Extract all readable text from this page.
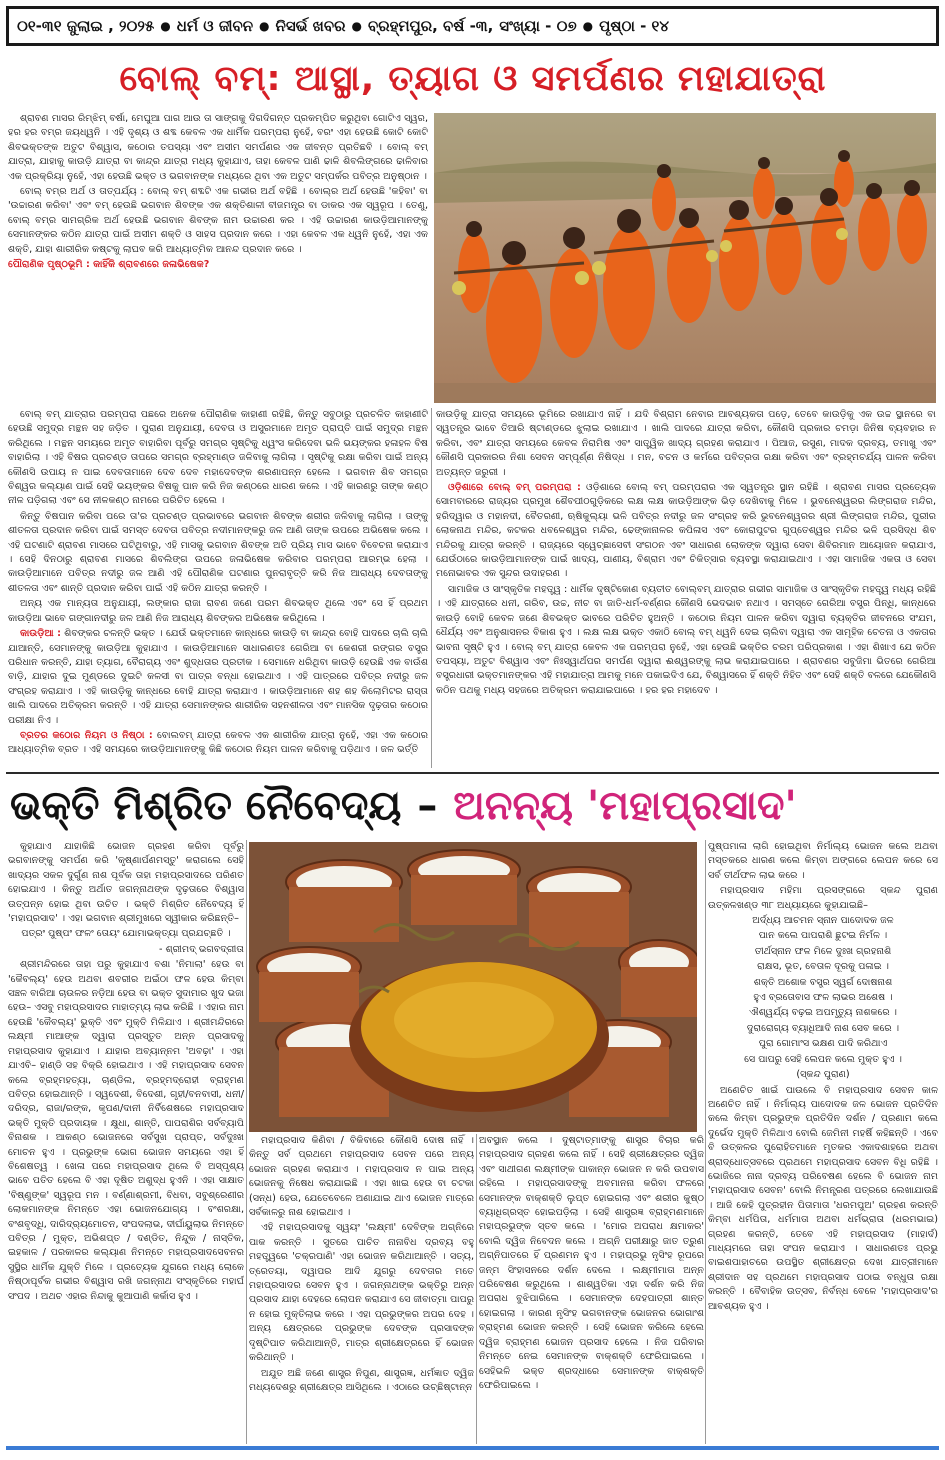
୦୧-୩୧ ଜୁଲାଇ , ୨୦୨୫ ● ଧର୍ମ ଓ ଜୀବନ ● ନିସର୍ଭ ଖବର ● ବ୍ରହ୍ମପୁର, ବର୍ଷ -୩, ସଂଖ୍ୟା - ୦୭ ● ପୃଷ୍ଠା - ୧୪
ବୋଲ୍ ବମ୍: ଆସ୍ଥା, ତ୍ୟାଗ ଓ ସମର୍ପଣର ମହାଯାତ୍ରା

ଶ୍ରାବଣ ମାସର ରିମ୍‌ଝିମ୍ ବର୍ଷା, ମେଘୁଆ ପାଗ ଆଉ ତା ସାଙ୍ଗକୁ ଦିଗଦିଗନ୍ତ ପ୍ରକମ୍ପିତ କରୁଥିବା ଗୋଟିଏ ସ୍ୱର, ହର ହର ବମ୍‌ର ଜୟଧ୍ୱନି । ଏହି ଦୃଶ୍ୟ ଓ ଶବ୍ଦ କେବଳ ଏକ ଧାର୍ମିକ ପରମ୍ପରା ନୁହେଁ, ବରଂ ଏହା ହେଉଛି କୋଟି କୋଟି ଶିବଭକ୍ତଙ୍କ ଅତୁଟ ବିଶ୍ୱାସ, କଠୋର ତପସ୍ୟା ଏବଂ ଅସୀମ ସମର୍ପଣର ଏକ ଜୀବନ୍ତ ପ୍ରତିଛବି । ବୋଲ୍ ବମ୍ ଯାତ୍ରା, ଯାହାକୁ କାଉଡ଼ି ଯାତ୍ରା ବା କାନ୍ଦ୍ର ଯାତ୍ରା ମଧ୍ୟ କୁହାଯାଏ, ତାହା କେବଳ ପାଣି ଢାଳି ଶିବଲିଙ୍ଗରେ ଢାଳିବାର ଏକ ପ୍ରକ୍ରିୟା ନୁହେଁ, ଏହା ହେଉଛି ଭକ୍ତ ଓ ଭଗବାନଙ୍କ ମଧ୍ୟରେ ଥିବା ଏକ ଅତୁଟ ସମ୍ପର୍କର ପବିତ୍ର ଅନୁଷ୍ଠାନ ।

ବୋଲ୍ ବମ୍‌ର ଅର୍ଥ ଓ ତାତ୍ପର୍ଯ୍ୟ : ବୋଲ୍ ବମ୍ ଶବ୍ଦଟି ଏକ ଗଭୀର ଅର୍ଥ ବହିଛି । ବୋଲ୍‌ର ଅର୍ଥ ହେଉଛି 'କହିବା' ବା 'ଉଚ୍ଚାରଣ କରିବା' ଏବଂ ବମ୍ ହେଉଛି ଭଗବାନ ଶିବଙ୍କ ଏକ ଶକ୍ତିଶାଳୀ ବୀଜମନ୍ତ୍ର ବା ଡାକର ଏକ ସ୍ୱରୂପ । ତେଣୁ, ବୋଲ୍ ବମ୍‌ର ସାମଗ୍ରିକ ଅର୍ଥ ହେଉଛି ଭଗବାନ ଶିବଙ୍କ ନାମ ଉଚ୍ଚାରଣ କର । ଏହି ଉଚ୍ଚାରଣ କାଉଡ଼ିଆମାନଙ୍କୁ ସେମାନଙ୍କର କଠିନ ଯାତ୍ରା ପାଇଁ ଅସୀମ ଶକ୍ତି ଓ ସାହସ ପ୍ରଦାନ କରେ । ଏହା କେବଳ ଏକ ଧ୍ୱନି ନୁହେଁ, ଏହା ଏକ ଶକ୍ତି, ଯାହା ଶାରୀରିକ କଷ୍ଟକୁ ଲାଘବ କରି ଆଧ୍ୟାତ୍ମିକ ଆନନ୍ଦ ପ୍ରଦାନ କରେ ।

ପୌରାଣିକ ପୃଷ୍ଠଭୂମି : କାହିଁକି ଶ୍ରାବଣରେ ଜଳାଭିଷେକ?

ବୋଲ୍ ବମ୍ ଯାତ୍ରାର ପରମ୍ପରା ପଛରେ ଅନେକ ପୌରାଣିକ କାହାଣୀ ରହିଛି, କିନ୍ତୁ ସବୁଠାରୁ ପ୍ରଚଳିତ କାହାଣୀଟି ହେଉଛି ସମୁଦ୍ର ମନ୍ଥନ ସହ ଜଡ଼ିତ । ପୁରାଣ ଅନୁଯାୟୀ, ଦେବତା ଓ ଅସୁରମାନେ ଅମୃତ ପ୍ରାପ୍ତି ପାଇଁ ସମୁଦ୍ର ମନ୍ଥନ କରିଥିଲେ । ମନ୍ଥନ ସମୟରେ ଅମୃତ ବାହାରିବା ପୂର୍ବରୁ ସମଗ୍ର ସୃଷ୍ଟିକୁ ଧ୍ୱଂସ କରିଦେବା ଭଳି ଭୟଙ୍କର ହଳାହଳ ବିଷ ବାହାରିଲା । ଏହି ବିଷର ପ୍ରଚଣ୍ଡ ତାପରେ ସମଗ୍ର ବ୍ରହ୍ମାଣ୍ଡ ଜଳିବାକୁ ଲାଗିଲା । ସୃଷ୍ଟିକୁ ରକ୍ଷା କରିବା ପାଇଁ ଅନ୍ୟ କୌଣସି ଉପାୟ ନ ପାଇ ଦେବତାମାନେ ଦେବ ଦେବ ମହାଦେବଙ୍କ ଶରଣାପନ୍ନ ହେଲେ । ଭଗବାନ ଶିବ ସମଗ୍ର ବିଶ୍ୱର କଲ୍ୟାଣ ପାଇଁ ସେହି ଭୟଙ୍କର ବିଷକୁ ପାନ କରି ନିଜ କଣ୍ଠରେ ଧାରଣ କଲେ । ଏହି କାରଣରୁ ତାଙ୍କ କଣ୍ଠ ନୀଳ ପଡ଼ିଗଲା ଏବଂ ସେ ନୀଳକଣ୍ଠ ନାମରେ ପରିଚିତ ହେଲେ ।

କିନ୍ତୁ ବିଷପାନ କରିବା ପରେ ତା'ର ପ୍ରଚଣ୍ଡ ପ୍ରଭାବରେ ଭଗବାନ ଶିବଙ୍କ ଶରୀର ଜଳିବାକୁ ଲାଗିଲା । ତାଙ୍କୁ ଶୀତଳତା ପ୍ରଦାନ କରିବା ପାଇଁ ସମସ୍ତ ଦେବତା ପବିତ୍ର ନଦୀମାନଙ୍କରୁ ଜଳ ଆଣି ତାଙ୍କ ଉପରେ ଅଭିଷେକ କଲେ । ଏହି ଘଟଣାଟି ଶ୍ରାବଣ ମାସରେ ଘଟିଥିବାରୁ, ଏହି ମାସକୁ ଭଗବାନ ଶିବଙ୍କ ଅତି ପ୍ରିୟ ମାସ ଭାବେ ବିବେଚନା କରାଯାଏ । ସେହି ଦିନଠାରୁ ଶ୍ରାବଣ ମାସରେ ଶିବଲିଙ୍ଗ ଉପରେ ଜଳାଭିଷେକ କରିବାର ପରମ୍ପରା ଆରମ୍ଭ ହେଲା । କାଉଡ଼ିଆମାନେ ପବିତ୍ର ନଦୀରୁ ଜଳ ଆଣି ଏହି ପୌରାଣିକ ଘଟଣାର ପୁନରାବୃତ୍ତି କରି ନିଜ ଆରାଧ୍ୟ ଦେବତାଙ୍କୁ ଶୀତଳତା ଏବଂ ଶାନ୍ତି ପ୍ରଦାନ କରିବା ପାଇଁ ଏହି କଠିନ ଯାତ୍ରା କରନ୍ତି ।

ଅନ୍ୟ ଏକ ମାନ୍ୟତା ଅନୁଯାୟୀ, ଲଙ୍କାର ରାଜା ରାବଣ ଜଣେ ପରମ ଶିବଭକ୍ତ ଥିଲେ ଏବଂ ସେ ହିଁ ପ୍ରଥମ କାଉଡ଼ିଆ ଭାବେ ଗଙ୍ଗାନଦୀରୁ ଜଳ ଆଣି ନିଜ ଆରାଧ୍ୟ ଶିବଙ୍କର ଅଭିଷେକ କରିଥିଲେ ।

କାଉଡ଼ିଆ : ଶିବଙ୍କର ଚଳନ୍ତି ଭକ୍ତ । ଯେଉଁ ଭକ୍ତମାନେ କାନ୍ଧରେ କାଉଡ଼ି ବା କାନ୍ଦ୍ର ବୋହି ପାଦରେ ଚାଲି ଚାଲି ଯାଆନ୍ତି, ସେମାନଙ୍କୁ କାଉଡ଼ିଆ କୁହାଯାଏ । କାଉଡ଼ିଆମାନେ ସାଧାରଣତଃ ଗେରିଆ ବା କେଶରୀ ରଙ୍ଗର ବସ୍ତ୍ର ପରିଧାନ କରନ୍ତି, ଯାହା ତ୍ୟାଗ, ବୈରାଗ୍ୟ ଏବଂ ଶୁଦ୍ଧତାର ପ୍ରତୀକ । ସେମାନେ ଧରିଥିବା କାଉଡ଼ି ହେଉଛି ଏକ ବାଉଁଶ ବାଡ଼ି, ଯାହାର ଦୁଇ ମୁଣ୍ଡରେ ଦୁଇଟି କଳସୀ ବା ପାତ୍ର ବନ୍ଧା ହୋଇଥାଏ । ଏହି ପାତ୍ରରେ ପବିତ୍ର ନଦୀରୁ ଜଳ ସଂଗ୍ରହ କରାଯାଏ । ଏହି କାଉଡ଼ିକୁ କାନ୍ଧରେ ବୋହି ଯାତ୍ରା କରାଯାଏ । କାଉଡ଼ିଆମାନେ ଶହ ଶହ କିଲୋମିଟର ରାସ୍ତା ଖାଲି ପାଦରେ ଅତିକ୍ରମ କରନ୍ତି । ଏହି ଯାତ୍ରା ସେମାନଙ୍କର ଶାରୀରିକ ସହନଶୀଳତା ଏବଂ ମାନସିକ ଦୃଢ଼ତାର କଠୋର ପରୀକ୍ଷା ନିଏ ।

ବ୍ରତର କଠୋର ନିୟମ ଓ ନିଷ୍ଠା : ବୋଲବମ୍ ଯାତ୍ରା କେବଳ ଏକ ଶାରୀରିକ ଯାତ୍ରା ନୁହେଁ, ଏହା ଏକ କଠୋର ଆଧ୍ୟାତ୍ମିକ ବ୍ରତ । ଏହି ସମୟରେ କାଉଡ଼ିଆମାନଙ୍କୁ କିଛି କଠୋର ନିୟମ ପାଳନ କରିବାକୁ ପଡ଼ିଥାଏ । ଜଳ ଭର୍ତ୍ତି

କାଉଡ଼ିକୁ ଯାତ୍ରା ସମୟରେ ଭୂମିରେ ରଖାଯାଏ ନାହିଁ । ଯଦି ବିଶ୍ରାମ ନେବାର ଆବଶ୍ୟକତା ପଡ଼େ, ତେବେ କାଉଡ଼ିକୁ ଏକ ଉଚ୍ଚ ସ୍ଥାନରେ ବା ସ୍ୱତନ୍ତ୍ର ଭାବେ ତିଆରି ଷ୍ଟାଣ୍ଡରେ ଝୁଲାଇ ରଖାଯାଏ । ଖାଲି ପାଦରେ ଯାତ୍ରା କରିବା, କୌଣସି ପ୍ରକାର ଚମଡ଼ା ଜିନିଷ ବ୍ୟବହାର ନ କରିବା, ଏବଂ ଯାତ୍ରା ସମୟରେ କେବଳ ନିରାମିଷ ଏବଂ ସାତ୍ତ୍ୱିକ ଖାଦ୍ୟ ଗ୍ରହଣ କରାଯାଏ । ପିଆଜ, ରସୁଣ, ମାଦକ ଦ୍ରବ୍ୟ, ତମାଖୁ ଏବଂ କୌଣସି ପ୍ରକାରର ନିଶା ସେବନ ସମ୍ପୂର୍ଣ୍ଣ ନିଷିଦ୍ଧ । ମନ, ବଚନ ଓ କର୍ମରେ ପବିତ୍ରତା ରକ୍ଷା କରିବା ଏବଂ ବ୍ରହ୍ମଚର୍ଯ୍ୟ ପାଳନ କରିବା ଅତ୍ୟନ୍ତ ଜରୁରୀ ।

ଓଡ଼ିଶାରେ ବୋଲ୍ ବମ୍ ପରମ୍ପରା : ଓଡ଼ିଶାରେ ବୋଲ୍ ବମ୍ ପରମ୍ପରାର ଏକ ସ୍ୱତନ୍ତ୍ର ସ୍ଥାନ ରହିଛି । ଶ୍ରାବଣ ମାସର ପ୍ରତ୍ୟେକ ସୋମବାରରେ ରାଜ୍ୟର ପ୍ରମୁଖ ଶୈବପୀଠଗୁଡ଼ିକରେ ଲକ୍ଷ ଲକ୍ଷ କାଉଡ଼ିଆଙ୍କ ଭିଡ଼ ଦେଖିବାକୁ ମିଳେ । ଭୁବନେଶ୍ୱରର ଲିଙ୍ଗରାଜ ମନ୍ଦିର, ହରିଦ୍ୱାର ଓ ମହାନଦୀ, ବୈତରଣୀ, ଋଷିକୁଲ୍ୟା ଭଳି ପବିତ୍ର ନଦୀରୁ ଜଳ ସଂଗ୍ରହ କରି ଭୁବନେଶ୍ୱରର ଶ୍ରୀ ଲିଙ୍ଗରାଜ ମନ୍ଦିର, ପୁରୀର ଲୋକନାଥ ମନ୍ଦିର, କଟକର ଧବଳେଶ୍ୱର ମନ୍ଦିର, ଢେଙ୍କାନାଳର କପିଳାସ ଏବଂ କୋରାପୁଟର ଗୁପ୍ତେଶ୍ୱର ମନ୍ଦିର ଭଳି ପ୍ରସିଦ୍ଧ ଶିବ ମନ୍ଦିରକୁ ଯାତ୍ରା କରନ୍ତି । ରାଜ୍ୟରେ ସ୍ୱେଚ୍ଛାସେବୀ ସଂଗଠନ ଏବଂ ସାଧାରଣ ଲୋକଙ୍କ ଦ୍ୱାରା ସେବା ଶିବିରମାନ ଆୟୋଜନ କରାଯାଏ, ଯେଉଁଠାରେ କାଉଡ଼ିଆମାନଙ୍କ ପାଇଁ ଖାଦ୍ୟ, ପାଣୀୟ, ବିଶ୍ରାମ ଏବଂ ଚିକିତ୍ସାର ବ୍ୟବସ୍ଥା କରାଯାଇଥାଏ । ଏହା ସାମାଜିକ ଏକତା ଓ ସେବା ମନୋଭାବର ଏକ ସୁନ୍ଦର ଉଦାହରଣ ।

ସାମାଜିକ ଓ ସାଂସ୍କୃତିକ ମହତ୍ତ୍ୱ : ଧାର୍ମିକ ଦୃଷ୍ଟିକୋଣ ବ୍ୟତୀତ ବୋଲ୍‌ବମ୍ ଯାତ୍ରାର ଗଭୀର ସାମାଜିକ ଓ ସାଂସ୍କୃତିକ ମହତ୍ତ୍ୱ ମଧ୍ୟ ରହିଛି । ଏହି ଯାତ୍ରାରେ ଧନୀ, ଗରିବ, ଉଚ୍ଚ, ନୀଚ ବା ଜାତି-ଧର୍ମ-ବର୍ଣ୍ଣର କୌଣସି ଭେଦଭାବ ନଥାଏ । ସମସ୍ତେ ଗେରିଆ ବସ୍ତ୍ର ପିନ୍ଧି, କାନ୍ଧରେ କାଉଡ଼ି ବୋହି କେବଳ ଜଣେ ଶିବଭକ୍ତ ଭାବରେ ପରିଚିତ ହୁଅନ୍ତି । କଠୋର ନିୟମ ପାଳନ କରିବା ଦ୍ୱାରା ବ୍ୟକ୍ତିର ଜୀବନରେ ସଂଯମ, ଧୈର୍ଯ୍ୟ ଏବଂ ଅନୁଶାସନର ବିକାଶ ହୁଏ । ଲକ୍ଷ ଲକ୍ଷ ଭକ୍ତ ଏକାଠି ବୋଲ୍ ବମ୍ ଧ୍ୱନି ଦେଇ ଚାଲିବା ଦ୍ୱାରା ଏକ ସାମୂହିକ ଚେତନା ଓ ଏକତାର ଭାବନା ସୃଷ୍ଟି ହୁଏ । ବୋଲ୍ ବମ୍ ଯାତ୍ରା କେବଳ ଏକ ପରମ୍ପରା ନୁହେଁ, ଏହା ହେଉଛି ଭକ୍ତିର ଚରମ ପରିପ୍ରକାଶ । ଏହା ଶିଖାଏ ଯେ କଠିନ ତପସ୍ୟା, ଅତୁଟ ବିଶ୍ୱାସ ଏବଂ ନିଃସ୍ୱାର୍ଥପର ସମର୍ପଣ ଦ୍ୱାରା ଈଶ୍ୱରଙ୍କୁ ଲାଭ କରାଯାଇପାରେ । ଶ୍ରାବଣର ସବୁଜିମା ଭିତରେ ଗେରିଆ ବସ୍ତ୍ରଧାରୀ ଭକ୍ତମାନଙ୍କର ଏହି ମହାଯାତ୍ରା ଆମକୁ ମନେ ପକାଇଦିଏ ଯେ, ବିଶ୍ୱାସରେ ହିଁ ଶକ୍ତି ନିହିତ ଏବଂ ସେହି ଶକ୍ତି ବଳରେ ଯେକୌଣସି କଠିନ ପଥକୁ ମଧ୍ୟ ସହଜରେ ଅତିକ୍ରମ କରାଯାଇପାରେ । ହର ହର ମହାଦେବ ।

ଭକ୍ତି ମିଶ୍ରିତ ନୈବେଦ୍ୟ – ଅନନ୍ୟ 'ମହାପ୍ରସାଦ'

କୁହାଯାଏ ଯାହାକିଛି ଭୋଜନ ଗ୍ରହଣ କରିବା ପୂର୍ବରୁ ଭଗବାନଙ୍କୁ ସମର୍ପଣ କରି 'କୃଷ୍ଣାର୍ପଣମସ୍ତୁ' କରାଗଲେ ସେହି ଖାଦ୍ୟର ସକଳ ଦୁର୍ଗୁଣ ନାଶ ପୂର୍ବକ ତାହା ମହାପ୍ରସାଦରେ ପରିଣତ ହୋଇଯାଏ । କିନ୍ତୁ ଅର୍ଥାତ ଜଗନ୍ନାଥଙ୍କ ଦୃଢ଼ତାରେ ବିଶ୍ୱାସ ଉତ୍ପନ୍ନ ହୋଇ ଥିବା ଉଚିତ । ଭକ୍ତି ମିଶ୍ରିତ ନୈବେଦ୍ୟ ହିଁ 'ମହାପ୍ରସାଦ' । ଏହା ଭଗବାନ ଶ୍ରୀମୁଖରେ ସ୍ୱୀକାର କରିଛନ୍ତି–

ପତ୍ରଂ ପୁଷ୍ପଂ ଫଳଂ ତୋୟଂ ଯୋମାଭକ୍ତ୍ୟା ପ୍ରଯଚ୍ଛତି ।

- ଶ୍ରୀମଦ୍ ଭଗବଦ୍‌ଗୀତା

ଶ୍ରୀମନ୍ଦିରରେ ତାହା ପରୁ କୁହାଯାଏ ବଶା 'ନିମାଲା' ହେଉ ବା 'କୈବଲ୍ୟ' ହେଉ ଅଥବା ଶବରୀର ଅଇଁଠା ଫଳ ହେଉ କିମ୍ବା ସଞ୍ଚଳ ବାରିଆ ଚାଉଳର ନଡ଼ିଆ ହେଉ ବା ଭକ୍ତ ସୁଦାମାର ଖୁଦ ଭଜା ହେଉ– ଏସବୁ ମହାପ୍ରସାଦର ମାହାତ୍ମ୍ୟ ଲାଭ କରିଛି । ଏହାର ନାମ ହେଉଛି 'କୈବଲ୍ୟ' ଭୁକ୍ତି ଏବଂ ମୁକ୍ତି ମିଳିଯାଏ । ଶ୍ରୀମନ୍ଦିରରେ ଲକ୍ଷ୍ମୀ ମାଆଙ୍କ ଦ୍ୱାରା ପ୍ରସ୍ତୁତ ଅନ୍ନ ପ୍ରସାଦକୁ ମହାପ୍ରସାଦ କୁହାଯାଏ । ଯାହାର ଅବ୍ୟାନ୍ନମ 'ଅବଢ଼ା' । ଏହା ଯାଏବି– ହାଣ୍ଡି ସହ ବିକ୍ରି ହୋଇଥାଏ । ଏହି ମହାପ୍ରସାଦ ସେବନ କଲେ ବ୍ରହ୍ମହତ୍ୟା, ଚାଣ୍ଡିଲ, ବ୍ରହ୍ମଦ୍ରୋହୀ ବ୍ରାହ୍ମଣ ପବିତ୍ର ହୋଇଥାନ୍ତି । ସ୍ୱଦେଶୀ, ବିଦେଶୀ, ଗୃହୀ/ବନବାସୀ, ଧନୀ/ଦରିଦ୍ର, ରାଜା/ରଙ୍କ, କୃପଣ/ଦାନୀ ନିର୍ବିଶେଷରେ ମହାପ୍ରସାଦ ଭକ୍ତି ମୁକ୍ତି ପ୍ରଦାୟକ । କ୍ଷୁଧା, ଶାନ୍ତି, ପାପରାଶିର ସର୍ବବ୍ୟାପି ବିନାଶକ । ଆକଣ୍ଠ ଭୋଜନରେ ସର୍ବସୁଖ ପ୍ରାପ୍ତ, ସର୍ବଦୁଃଖ ମୋଚନ ହୁଏ । ପ୍ରଭୁଙ୍କ ଭୋଗ ଭୋଜନ ସମୟରେ ଏହା ହିଁ ବିଶେଷତ୍ୱ । ଖେଳା ପରେ ମହାପ୍ରସାଦ ଥିଲେ ବି ଅସ୍ପୃଶ୍ୟ ଭାବେ ପତିତ ହେଲେ ବି ଏହା ଦୂଷିତ ଅଶୁଦ୍ଧ ହୁଏନି । ଏହା ସାକ୍ଷାତ 'ବିଷ୍ଣୁଙ୍କ' ସ୍ୱରୂପ ମନ । ବର୍ଣ୍ଣାଶ୍ରମୀ, ବିଧବା, ସବୁଶ୍ରେଣୀର ଲୋକମାନଙ୍କ ନିମନ୍ତେ ଏହା ଭୋଜନଯୋଗ୍ୟ । ବଂଶରକ୍ଷା, ବଂଶବୃଦ୍ଧି, ଦାରିଦ୍ର୍ୟମୋଚନ, ସଂପଦଲାଭ, ଦୀର୍ଘାୟୁଲାଭ ନିମନ୍ତେ ପବିତ୍ର / ମୁକ୍ତ, ଅଭିଶପ୍ତ / ଦଣ୍ଡିତ, ନିନ୍ଦୁକ / ନାସ୍ତିକ, ଇହକାଳ / ପରକାଳର କଲ୍ୟାଣ ନିମନ୍ତେ ମହାପ୍ରସାଦସେବନର ସୁସ୍ଥିର ଧାର୍ମିକ ଯୁକ୍ତି ମିଳେ । ପ୍ରତ୍ୟେକ ଯୁଗରେ ମଧ୍ୟ ଲୋକେ ନିଷ୍ଠାପୂର୍ବକ ଗଭୀର ବିଶ୍ୱାସ ରଖି ଜଗନ୍ନାଥ ସଂସ୍କୃତିରେ ମହାର୍ଘ ସଂପଦ । ଅଥଚ ଏହାର ନିନ୍ଦାକୁ କୁଆପାଣି କର୍କାସ ହୁଏ ।

ମହାପ୍ରସାଦ କିଣିବା / ବିକିବାରେ କୌଣସି ଦୋଷ ନାହିଁ । କିନ୍ତୁ ସର୍ବ ପ୍ରଥମେ ମହାପ୍ରସାଦ ସେବନ ପରେ ଅନ୍ୟ ଭୋଜନ ଗ୍ରହଣ କରାଯାଏ । ମହାପ୍ରସାଦ ନ ପାଇ ଅନ୍ୟ ଭୋଜନକୁ ନିଷେଧ କରାଯାଇଛି । ଏହା ଖାଇ ହେଉ ବା ଚଟକା (ସନ୍ଧ) ହେଉ, ଯେତେବେଳେ ଅଣାଯାଇ ଥାଏ ଭୋଜନ ମାତ୍ରେ ସର୍ବକାଳରୁ ନାଶ ହୋଇଥାଏ ।

ଏହି ମହାପ୍ରସାଦକୁ ସ୍ୱୟଂ 'ଲକ୍ଷ୍ମୀ' ଦେବିଙ୍କ ଅଗ୍ନିରେ ପାକ କରନ୍ତି । ସୁତରେ ପାଚିତ ନାନାବିଧ ଦ୍ରବ୍ୟ ବହୁ ମହତ୍ତ୍ୱରେ 'ଚକ୍ରପାଣି' ଏହା ଭୋଜନ କରିଥାଆନ୍ତି । ସତ୍ୟ, ତ୍ରେତୟା, ଦ୍ୱାପର ଆଦି ଯୁଗରୁ ଦେବତାର ମତେ ମହାପ୍ରସାଦର ସେବନ ହୁଏ । ଜଗନ୍ନାଥଙ୍କ ଭକ୍ତିରୁ ଅନ୍ନ ପ୍ରସାଦ ଯାହା ଦେହରେ ଲୋପନ କରାଯାଏ ସେ ଜୀବାତ୍ମା ପାପରୁ ନ ହୋଇ ମୁକ୍ତିଲାଭ କରେ । ଏହା ପ୍ରଭୁଙ୍କର ଅପର ଦେହ । ଅନ୍ୟ କ୍ଷେତ୍ରରେ ପ୍ରଭୁଙ୍କ ଦେବଙ୍କ ପ୍ରସାଦଙ୍କ ଦୃଷ୍ଟିପାତ କରିଥାଆନ୍ତି, ମାତ୍ର ଶ୍ରୀକ୍ଷେତ୍ରରେ ହିଁ ଭୋଜନ କରିଥାନ୍ତି ।

ଅଯୁତ ଅଛି ଜଣେ ଶାସ୍ତ୍ର ନିପୁଣ, ଶାସ୍ତ୍ରଜ୍ଞ, ଧର୍ମଜ୍ଞାତ ଦ୍ୱିଜ ମଧ୍ୟଦେଶରୁ ଶ୍ରୀକ୍ଷେତ୍ର ଆସିଥିଲେ । ଏଠାରେ ଉଚ୍ଛିଷ୍ଟାନ୍ନ

ଅବସ୍ଥାନ କଲେ । ଦୁଷ୍ଟାତ୍ମାଙ୍କୁ ଶାସ୍ତ୍ର ବିଚାର କରି ମହାପ୍ରସାଦ ଗ୍ରହଣ କଲେ ନାହିଁ । ସେହି ଶ୍ରୀକ୍ଷେତ୍ରର ଦ୍ୱିଜ ଏବଂ ସାଥୀଗଣ ଲକ୍ଷ୍ମୀଙ୍କ ପାକାନ୍ନ ଭୋଜନ ନ କରି ଉପବାସ ରହିଲେ । ମହାପ୍ରସାଦଙ୍କୁ ଅବମାନନା କରିବା ଫଳରେ ସେମାନଙ୍କ ବାକ୍‌ଶକ୍ତି ଲୁପ୍ତ ହୋଇଗଲା ଏବଂ ଶରୀର କୁଷ୍ଠ ବ୍ୟାଧିଗ୍ରସ୍ତ ହୋଇପଡ଼ିଲା । ସେହି ଶାସ୍ତ୍ରଜ୍ଞ ବ୍ରାହ୍ମଣମାନେ ମହାପ୍ରଭୁଙ୍କ ସ୍ତବ କଲେ । 'ମୋର ଅପରାଧ କ୍ଷମାକର' ବୋଲି ଦ୍ୱିଜ ନିବେଦନ କଲେ । ଅଗ୍ନି ପରୀକ୍ଷାରୁ ଜାତ ତ୍ରୁଣ ଅଗ୍ନିପାତରେ ହିଁ ପ୍ରଣମନ ହୁଏ । ମହାପ୍ରଭୁ ନୃସିଂହ ରୂପରେ ଜନ୍ମ ସିଂହାସନରେ ଦର୍ଶନ ଦେଲେ । ଲକ୍ଷ୍ମୀମାତା ଅନ୍ନ ପରିବେଷଣ କରୁଥିଲେ । ଶାଶ୍ୱତିକା ଏହା ଦର୍ଶନ କରି ନିଜ ଅପରାଧ ବୁଝିପାରିଲେ । ସେମାନଙ୍କ ଦେହପାତ୍ରୀ ଶାନ୍ତ ହୋଇଗଲା । କାରଣ ନୃସିଂହ ଭଗବାନଙ୍କ ଭୋଜନର ଭୋଗାଂଶ ବ୍ରାହ୍ମଣ ଭୋଜନ କରନ୍ତି । ସେହି ଭୋଜନ କରିଲେ ହେଲେ ଦ୍ୱିଜ ବ୍ରାହ୍ମଣ ଭୋଜନ ପ୍ରସାଦ ହେଲେ । ନିଜ ପରିବାର ନିମନ୍ତେ ନେଇ ସେମାନଙ୍କ ବାକ୍‌ଶକ୍ତି ଫେରିପାଇଲେ । ସେହିଭଳି ଭକ୍ତ ଶ୍ରଦ୍ଧାରେ ସେମାନଙ୍କ ବାକ୍‌ଶକ୍ତି ଫେରିପାଇଲେ ।

ପୁଷ୍ପମାଳା ଲାଗି ହୋଇଥିବା ନିର୍ମାଲ୍ୟ ଭୋଜନ କଲେ ଅଥବା ମସ୍ତକରେ ଧାରଣ କଲେ କିମ୍ବା ଅଙ୍ଗରେ ଲେପନ କରେ ସେ ସର୍ବ ତୀର୍ଥଫଳ ଲାଭ କରେ ।

ମହାପ୍ରସାଦ ମହିମା ପ୍ରସଙ୍ଗରେ ସ୍କନ୍ଦ ପୁରାଣ ଉତ୍କଳଖଣ୍ଡ ୩୮ ଅଧ୍ୟାୟରେ କୁହାଯାଇଛି–

ଅର୍ଦ୍ଧ୍ୟ ଆଚମନ ସ୍ନାନ ପାଦୋଦକ ଜଳ

ପାନ କଲେ ପାପରାଶି ଛୁଟଇ ନିର୍ମଳ ।

ତୀର୍ଥସ୍ନାନ ଫଳ ମିଳେ ଦୁଃଖ ଗ୍ରହନାଶି

ରାକ୍ଷସ, ଭୂତ, ବେତାଳ ଦୂରକୁ ପଳାଇ ।

ଶକ୍ତି ଅଶୋକ ବସ୍ତ୍ର ସ୍ୱର୍ଗ ଦୋଷନାଶ

ହୁଏ ବ୍ରତୋବାସ ଫଳ ଲାଭର ଅଶେଷ ।

ଐଶ୍ୱର୍ଯ୍ୟ ବଢ଼ଇ ଅପମୃତ୍ୟୁ ନାଶକରେ ।

ଦୁରାରୋଗ୍ୟ ବ୍ୟାଧିଆଦି ନାଶ ସେବ କରେ ।

ପୁରା ଗୋମାଂସ ଭକ୍ଷଣ ପାଦି କରିଥାଏ

ସେ ପାପରୁ ସେହି ଲେପନ କଲେ ମୁକ୍ତ ହୁଏ ।

(ସ୍କନ୍ଦ ପୁରାଣ)

ଅଣେଚିତ ଖାଇଁ ପାଉଲେ ବି ମହାପ୍ରସାଦ ସେବନ କାଳ ଅଣେଚିତ ନାହିଁ । ନିର୍ମାଲ୍ୟ ପାଦୋଦକ ଜଳ ଭୋଜନ ପ୍ରତିଦିନ କଲେ କିମ୍ବା ପ୍ରଭୁଙ୍କ ପ୍ରତିଦିନ ଦର୍ଶନ / ପ୍ରଣାମ କଲେ ଦୁର୍ଭେଦ ମୁକ୍ତି ମିଳିଥାଏ ବୋଲି ଜେମିନୀ ମହର୍ଷି କହିଛନ୍ତି । ଏବେ ବି ଉତ୍କଳର ପୁରୋହିତମାନେ ମୃତକର ଏକାଦଶାହରେ ଅଥବା ଶ୍ରାଦ୍ଧୋତ୍ସବରେ ପ୍ରଥମେ ମହାପ୍ରସାଦ ସେବନ ବିଧି ରହିଛି । ଭୋଜିରେ ନାନା ଦ୍ରବ୍ୟ ପରିବେଷଣ ହେଲେ ବି ଭୋଜନ ନାମ 'ମହାପ୍ରସାଦ ସେବନ' ବୋଲି ନିମନ୍ତ୍ରଣ ପତ୍ରରେ ଲେଖାଯାଉଛି । ଆଜି କେହି ପୁତ୍ରହୀନ ପିତାମାତା 'ଧରମପୁଅ' ଗ୍ରହଣ କରନ୍ତି କିମ୍ବା ଧର୍ମପିତା, ଧର୍ମମାତା ଅଥବା ଧର୍ମଭ୍ରାତା (ଧରମଭାଇ) ଗ୍ରହଣ କରନ୍ତି, ତେବେ ଏହି ମହାପ୍ରସାଦ (ମାହାର୍ଦ) ମାଧ୍ୟମରେ ତାହା ସଂପନ କରାଯାଏ । ସାଧାରଣତଃ ପ୍ରଭୁ ବାଇଶପାହାଚରେ ଉପସ୍ଥିତ ଶ୍ରୀକ୍ଷେତ୍ର ଦେଖ ଯାତ୍ରୀମାନେ ଶ୍ରୀଦାନ ସହ ପ୍ରଥମେ ମହାପ୍ରସାଦ ପଠାଇ ବନ୍ଧୁତା ରକ୍ଷା କରନ୍ତି । ବୈବାହିକ ଉତ୍ସବ, ନିର୍ବନ୍ଧ ବେଳେ 'ମହାପ୍ରସାଦ'ର ଆବଶ୍ୟକ ହୁଏ ।
